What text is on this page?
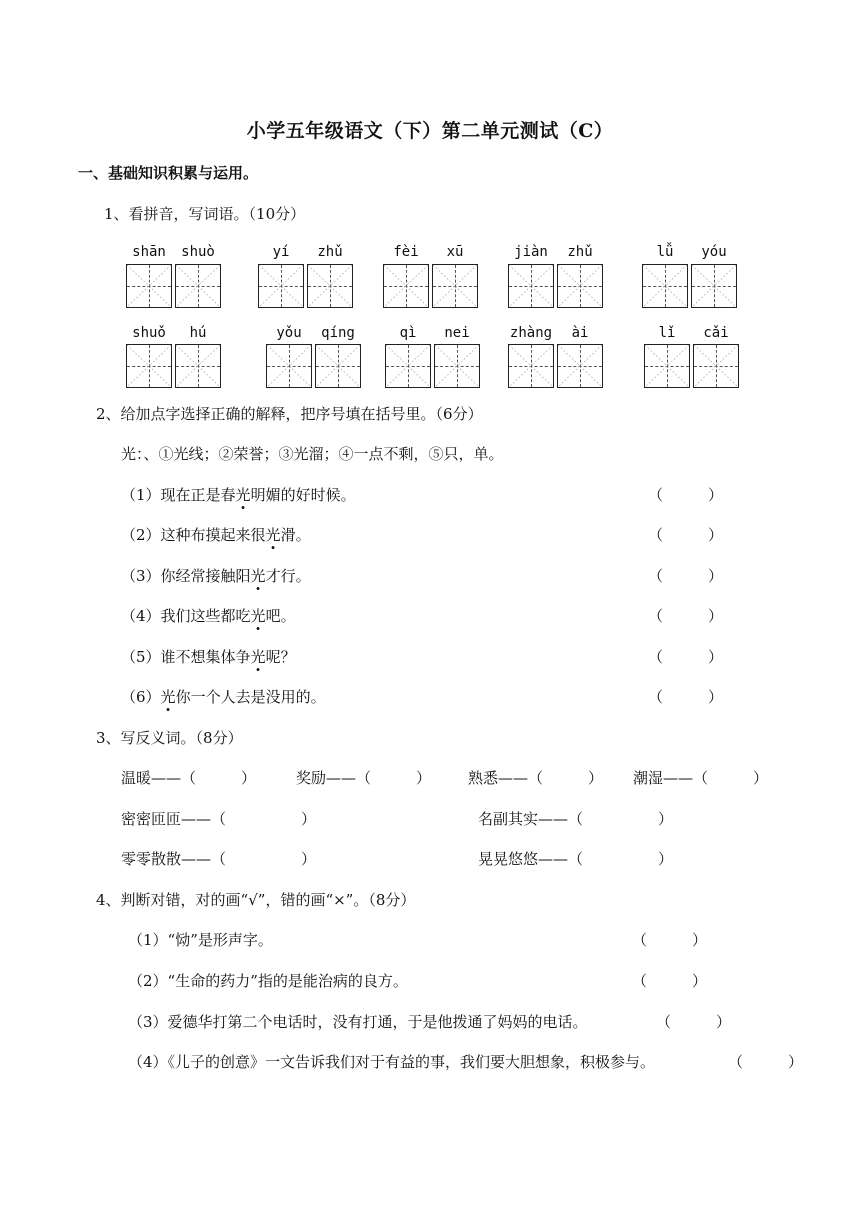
小学五年级语文（下）第二单元测试（C）
一、基础知识积累与运用。
1、看拼音，写词语。（10分）
shān	shuò	yí	zhǔ	fèi	xū	jiàn	zhǔ	lǚ	yóu
shuǒ	hú	yǒu	qíng	qì	nei	zhàng	ài	lǐ	cǎi
2、给加点字选择正确的解释，把序号填在括号里。（6分）
光：、①光线；②荣誉；③光溜；④一点不剩，⑤只，单。
（1）现在正是春光明媚的好时候。	（　　　）
（2）这种布摸起来很光滑。	（　　　）
（3）你经常接触阳光才行。	（　　　）
（4）我们这些都吃光吧。	（　　　）
（5）谁不想集体争光呢？	（　　　）
（6）光你一个人去是没用的。	（　　　）
3、写反义词。（8分）
温暖——（　　　）	奖励——（　　　） 熟悉——（　　　） 潮湿——（　　　）
密密匝匝——（　　　　　）	名副其实——（　　　　　）
零零散散——（　　　　　）	晃晃悠悠——（　　　　　）
4、判断对错，对的画“√”，错的画“×”。（8分）
（1）“恸”是形声字。	（　　　）
（2）“生命的药力”指的是能治病的良方。	（　　　）
（3）爱德华打第二个电话时，没有打通，于是他拨通了妈妈的电话。	（　　　）
（4）《儿子的创意》一文告诉我们对于有益的事，我们要大胆想象，积极参与。	（　　　）
